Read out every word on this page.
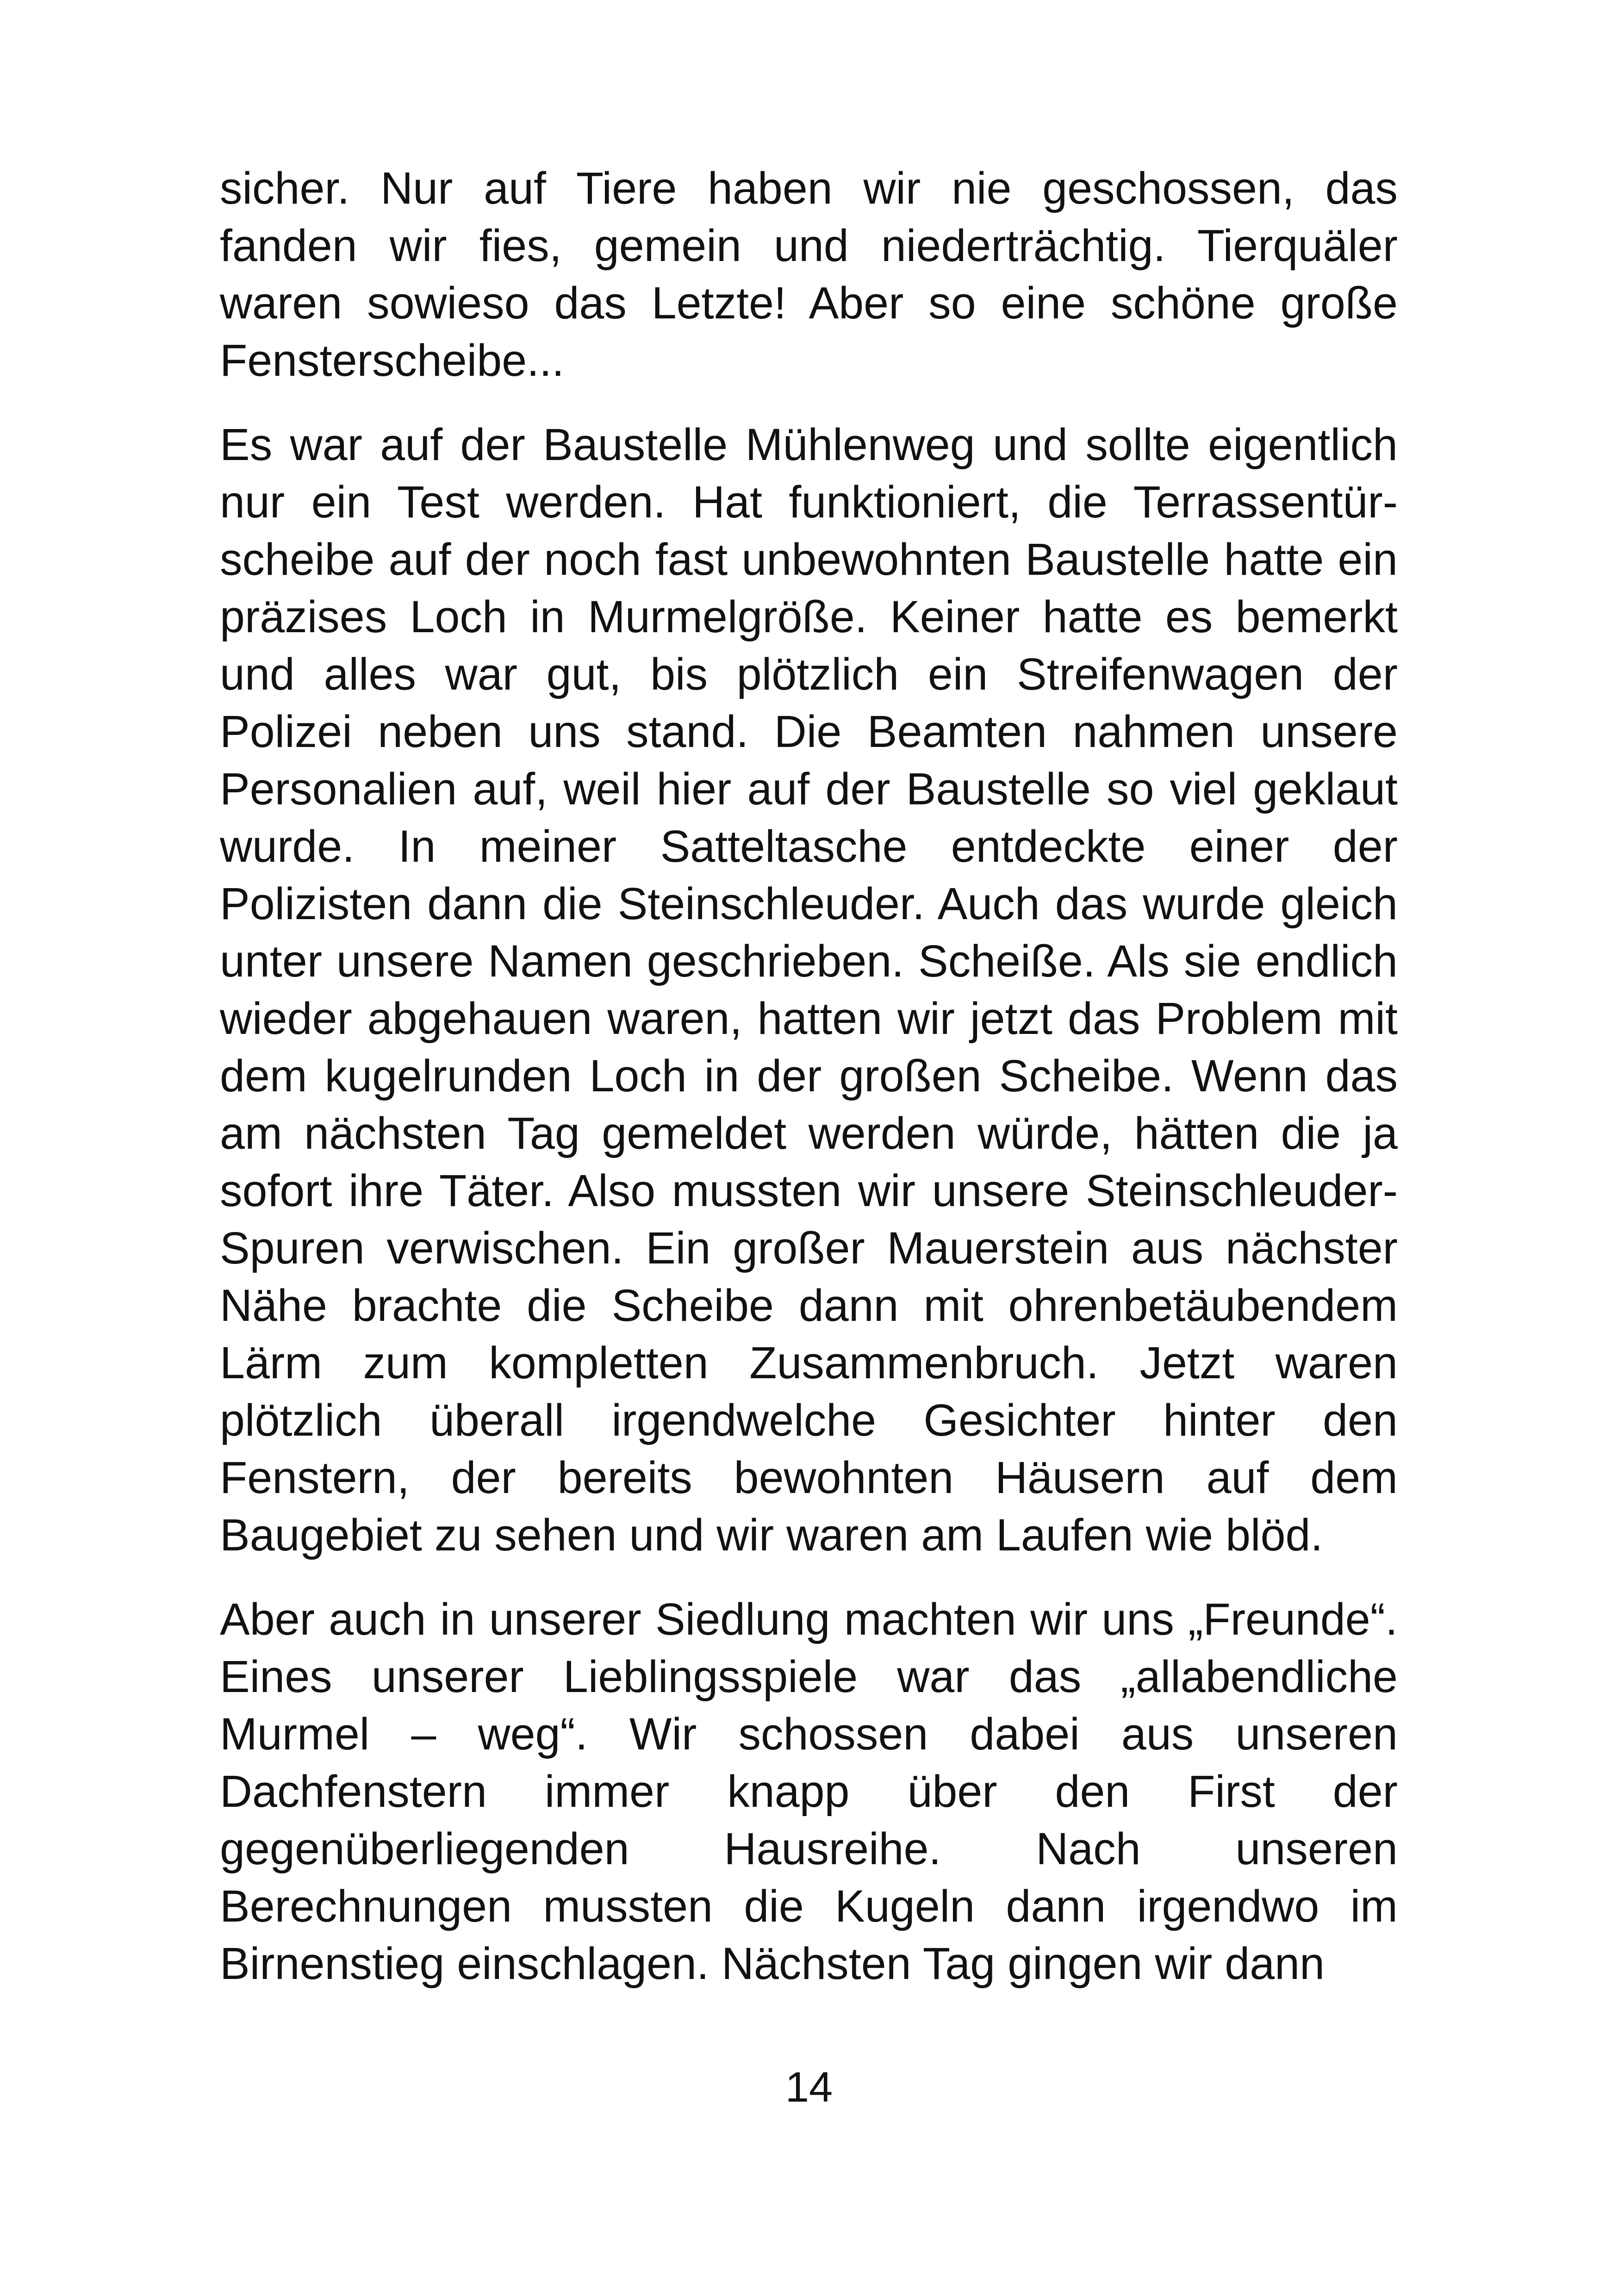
sicher. Nur auf Tiere haben wir nie geschossen, das fanden wir fies, gemein und niederträchtig. Tierquäler waren sowieso das Letzte! Aber so eine schöne große Fensterscheibe...

Es war auf der Baustelle Mühlenweg und sollte eigentlich nur ein Test werden. Hat funktioniert, die Terrassentürscheibe auf der noch fast unbewohnten Baustelle hatte ein präzises Loch in Murmelgröße. Keiner hatte es bemerkt und alles war gut, bis plötzlich ein Streifenwagen der Polizei neben uns stand. Die Beamten nahmen unsere Personalien auf, weil hier auf der Baustelle so viel geklaut wurde. In meiner Satteltasche entdeckte einer der Polizisten dann die Steinschleuder. Auch das wurde gleich unter unsere Namen geschrieben. Scheiße. Als sie endlich wieder abgehauen waren, hatten wir jetzt das Problem mit dem kugelrunden Loch in der großen Scheibe. Wenn das am nächsten Tag gemeldet werden würde, hätten die ja sofort ihre Täter. Also mussten wir unsere Steinschleuder-Spuren verwischen. Ein großer Mauerstein aus nächster Nähe brachte die Scheibe dann mit ohrenbetäubendem Lärm zum kompletten Zusammenbruch. Jetzt waren plötzlich überall irgendwelche Gesichter hinter den Fenstern, der bereits bewohnten Häusern auf dem Baugebiet zu sehen und wir waren am Laufen wie blöd.

Aber auch in unserer Siedlung machten wir uns „Freunde“. Eines unserer Lieblingsspiele war das „allabendliche Murmel – weg“. Wir schossen dabei aus unseren Dachfenstern immer knapp über den First der gegenüberliegenden Hausreihe. Nach unseren Berechnungen mussten die Kugeln dann irgendwo im Birnenstieg einschlagen. Nächsten Tag gingen wir dann

14
